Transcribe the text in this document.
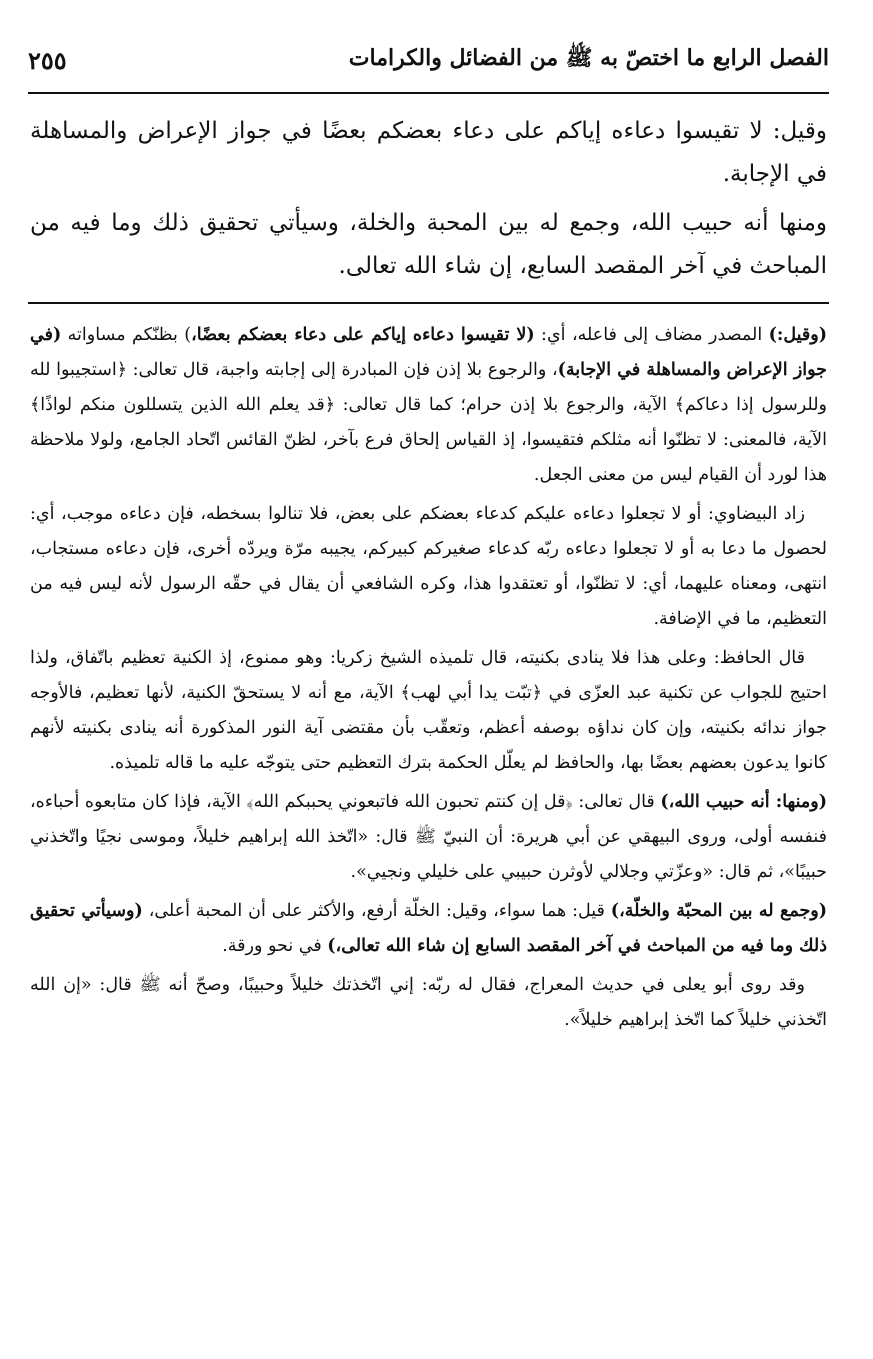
الفصل الرابع ما اختصّ به ﷺ من الفضائل والكرامات
٢٥٥

وقيل: لا تقيسوا دعاءه إياكم على دعاء بعضكم بعضًا في جواز الإعراض والمساهلة في الإجابة.

ومنها أنه حبيب الله، وجمع له بين المحبة والخلة، وسيأتي تحقيق ذلك وما فيه من المباحث في آخر المقصد السابع، إن شاء الله تعالى.

(وقيل:) المصدر مضاف إلى فاعله، أي: (لا تقيسوا دعاءه إياكم على دعاء بعضكم بعضًا،) بظنّكم مساواته (في جواز الإعراض والمساهلة في الإجابة)، والرجوع بلا إذن فإن المبادرة إلى إجابته واجبة، قال تعالى: ﴿استجيبوا لله وللرسول إذا دعاكم﴾ الآية، والرجوع بلا إذن حرام؛ كما قال تعالى: ﴿قد يعلم الله الذين يتسللون منكم لواذًا﴾ الآية، فالمعنى: لا تظنّوا أنه مثلكم فتقيسوا، إذ القياس إلحاق فرع بآخر، لظنّ القائس اتّحاد الجامع، ولولا ملاحظة هذا لورد أن القيام ليس من معنى الجعل.

زاد البيضاوي: أو لا تجعلوا دعاءه عليكم كدعاء بعضكم على بعض، فلا تنالوا بسخطه، فإن دعاءه موجب، أي: لحصول ما دعا به أو لا تجعلوا دعاءه ربّه كدعاء صغيركم كبيركم، يجيبه مرّة ويردّه أخرى، فإن دعاءه مستجاب، انتهى، ومعناه عليهما، أي: لا تظنّوا، أو تعتقدوا هذا، وكره الشافعي أن يقال في حقّه الرسول لأنه ليس فيه من التعظيم، ما في الإضافة.

قال الحافظ: وعلى هذا فلا ينادى بكنيته، قال تلميذه الشيخ زكريا: وهو ممنوع، إذ الكنية تعظيم باتّفاق، ولذا احتيج للجواب عن تكنية عبد العزّى في ﴿تبّت يدا أبي لهب﴾ الآية، مع أنه لا يستحقّ الكنية، لأنها تعظيم، فالأوجه جواز ندائه بكنيته، وإن كان نداؤه بوصفه أعظم، وتعقّب بأن مقتضى آية النور المذكورة أنه ينادى بكنيته لأنهم كانوا يدعون بعضهم بعضًا بها، والحافظ لم يعلّل الحكمة بترك التعظيم حتى يتوجّه عليه ما قاله تلميذه.

(ومنها: أنه حبيب الله،) قال تعالى: ﴿قل إن كنتم تحبون الله فاتبعوني يحببكم الله﴾ الآية، فإذا كان متابعوه أحباءه، فنفسه أولى، وروى البيهقي عن أبي هريرة: أن النبيّ ﷺ قال: «اتّخذ الله إبراهيم خليلاً، وموسى نجيًا واتّخذني حبيبًا»، ثم قال: «وعزّتي وجلالي لأوثرن حبيبي على خليلي ونجيي».

(وجمع له بين المحبّة والخلّة،) قيل: هما سواء، وقيل: الخلّة أرفع، والأكثر على أن المحبة أعلى، (وسيأتي تحقيق ذلك وما فيه من المباحث في آخر المقصد السابع إن شاء الله تعالى،) في نحو ورقة.

وقد روى أبو يعلى في حديث المعراج، فقال له ربّه: إني اتّخذتك خليلاً وحبيبًا، وصحّ أنه ﷺ قال: «إن الله اتّخذني خليلاً كما اتّخذ إبراهيم خليلاً».
